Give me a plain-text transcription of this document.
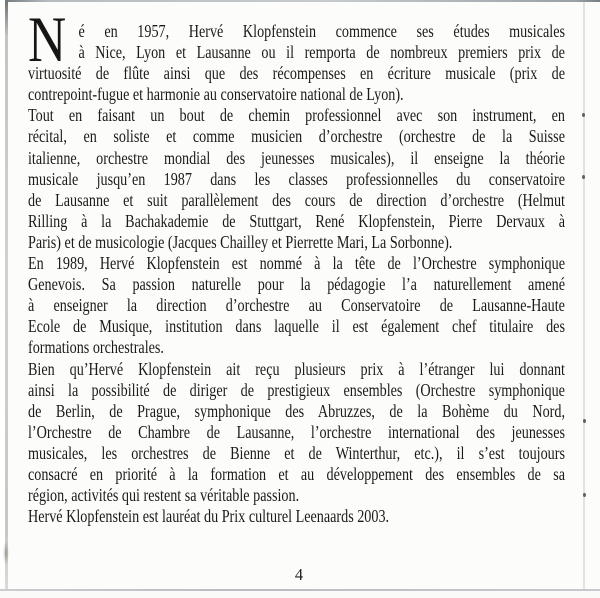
N é en 1957, Hervé Klopfenstein commence ses études musicales
à Nice, Lyon et Lausanne ou il remporta de nombreux premiers prix de
virtuosité de flûte ainsi que des récompenses en écriture musicale (prix de
contrepoint-fugue et harmonie au conservatoire national de Lyon).
Tout en faisant un bout de chemin professionnel avec son instrument, en
récital, en soliste et comme musicien d’orchestre (orchestre de la Suisse
italienne, orchestre mondial des jeunesses musicales), il enseigne la théorie
musicale jusqu’en 1987 dans les classes professionnelles du conservatoire
de Lausanne et suit parallèlement des cours de direction d’orchestre (Helmut
Rilling à la Bachakademie de Stuttgart, René Klopfenstein, Pierre Dervaux à
Paris) et de musicologie (Jacques Chailley et Pierrette Mari, La Sorbonne).
En 1989, Hervé Klopfenstein est nommé à la tête de l’Orchestre symphonique
Genevois. Sa passion naturelle pour la pédagogie l’a naturellement amené
à enseigner la direction d’orchestre au Conservatoire de Lausanne-Haute
Ecole de Musique, institution dans laquelle il est également chef titulaire des
formations orchestrales.
Bien qu’Hervé Klopfenstein ait reçu plusieurs prix à l’étranger lui donnant
ainsi la possibilité de diriger de prestigieux ensembles (Orchestre symphonique
de Berlin, de Prague, symphonique des Abruzzes, de la Bohème du Nord,
l’Orchestre de Chambre de Lausanne, l’orchestre international des jeunesses
musicales, les orchestres de Bienne et de Winterthur, etc.), il s’est toujours
consacré en priorité à la formation et au développement des ensembles de sa
région, activités qui restent sa véritable passion.
Hervé Klopfenstein est lauréat du Prix culturel Leenaards 2003.
4
